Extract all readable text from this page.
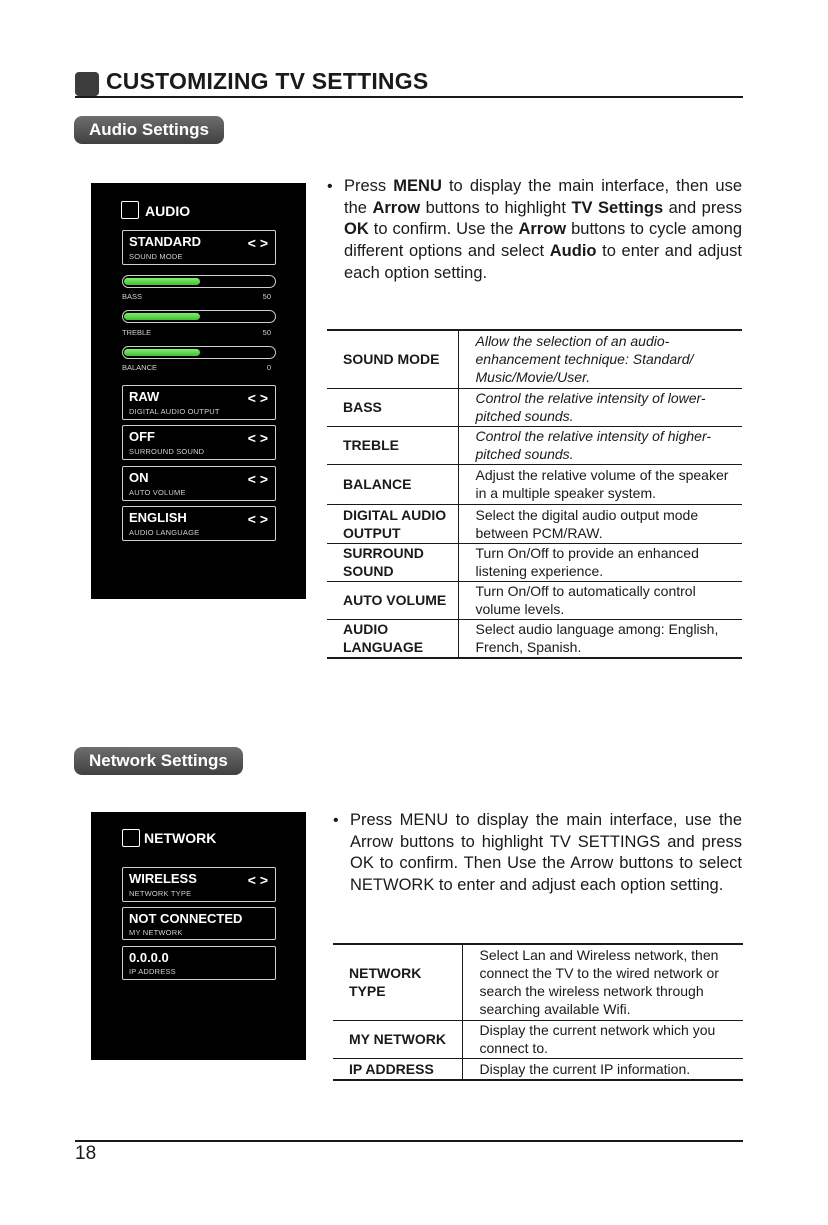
CUSTOMIZING TV SETTINGS
Audio Settings
AUDIO
STANDARD
SOUND MODE
< >
BASS	50
TREBLE	50
BALANCE	0
RAW
DIGITAL AUDIO OUTPUT
< >
OFF
SURROUND SOUND
< >
ON
AUTO VOLUME
< >
ENGLISH
AUDIO LANGUAGE
< >
• Press MENU to display the main interface, then use the Arrow buttons to highlight TV Settings and press OK to confirm. Use the Arrow buttons to cycle among different options and select Audio to enter and adjust each option setting.
SOUND MODE	Allow the selection of an audio-enhancement technique: Standard/ Music/Movie/User.
BASS	Control the relative intensity of lower-pitched sounds.
TREBLE	Control the relative intensity of higher-pitched sounds.
BALANCE	Adjust the relative volume of the speaker in a multiple speaker system.
DIGITAL AUDIO OUTPUT	Select the digital audio output mode between PCM/RAW.
SURROUND SOUND	Turn On/Off to provide an enhanced listening experience.
AUTO VOLUME	Turn On/Off to automatically control volume levels.
AUDIO LANGUAGE	Select audio language among: English, French, Spanish.
Network Settings
NETWORK
WIRELESS
NETWORK TYPE
< >
NOT CONNECTED
MY NETWORK
0.0.0.0
IP ADDRESS
• Press MENU to display the main interface, use the Arrow buttons to highlight TV SETTINGS and press OK to confirm. Then Use the Arrow buttons to select NETWORK to enter and adjust each option setting.
NETWORK TYPE	Select Lan and Wireless network, then connect the TV to the wired network or search the wireless network through searching available Wifi.
MY NETWORK	Display the current network which you connect to.
IP ADDRESS	Display the current IP information.
18
